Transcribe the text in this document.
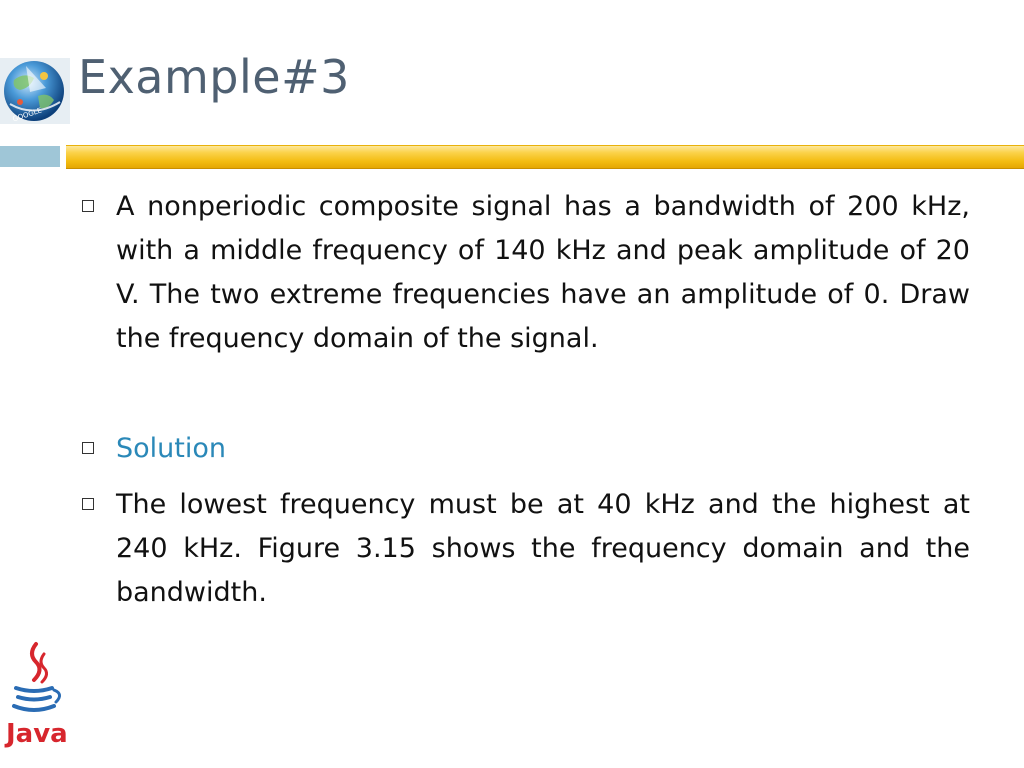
GOOGLE
Example#3
A nonperiodic composite signal has a bandwidth of 200 kHz, with a middle frequency of 140 kHz and peak amplitude of 20 V. The two extreme frequencies have an amplitude of 0. Draw the frequency domain of the signal.
Solution
The lowest frequency must be at 40 kHz and the highest at 240 kHz. Figure 3.15 shows the frequency domain and the bandwidth.
Java
